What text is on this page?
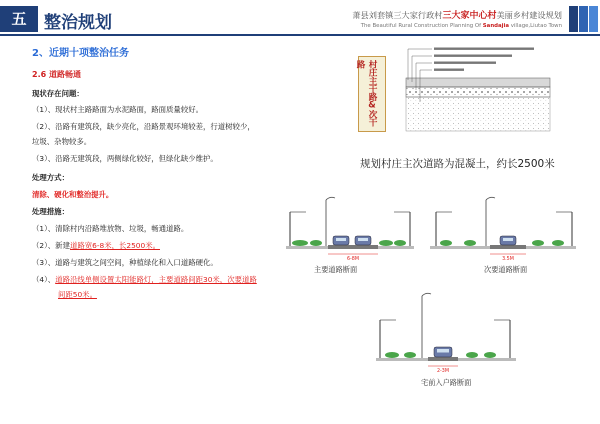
五	整治规划	萧县刘套镇三大家行政村三大家中心村美丽乡村建设规划
The Beautiful Rural Construction Planning Of Sandajia village,Liutao Town
2、近期十项整治任务
2.6 道路畅通
现状存在问题：
（1）、现状村主路路面为水泥路面，路面质量较好。
（2）、沿路有建筑段，缺少亮化，沿路景观环境较差，行道树较少，
垃圾、杂物较多。
（3）、沿路无建筑段，两侧绿化较好，但绿化缺少维护。
处理方式：
清除、硬化和整治提升。
处理措施：
（1）、清除村内沿路堆放物、垃圾，畅通道路。
（2）、新建道路宽6-8米，长2500米。
（3）、道路与建筑之间空间，种植绿化和入口道路硬化。
（4）、道路沿线单侧设置太阳能路灯，主要道路间距30米，次要道路
间距50米。
村庄主干路&次干路
规划村庄主次道路为混凝土，约长2500米
6-8M
主要道路断面
3.5M
次要道路断面
2-3M
宅前入户路断面
